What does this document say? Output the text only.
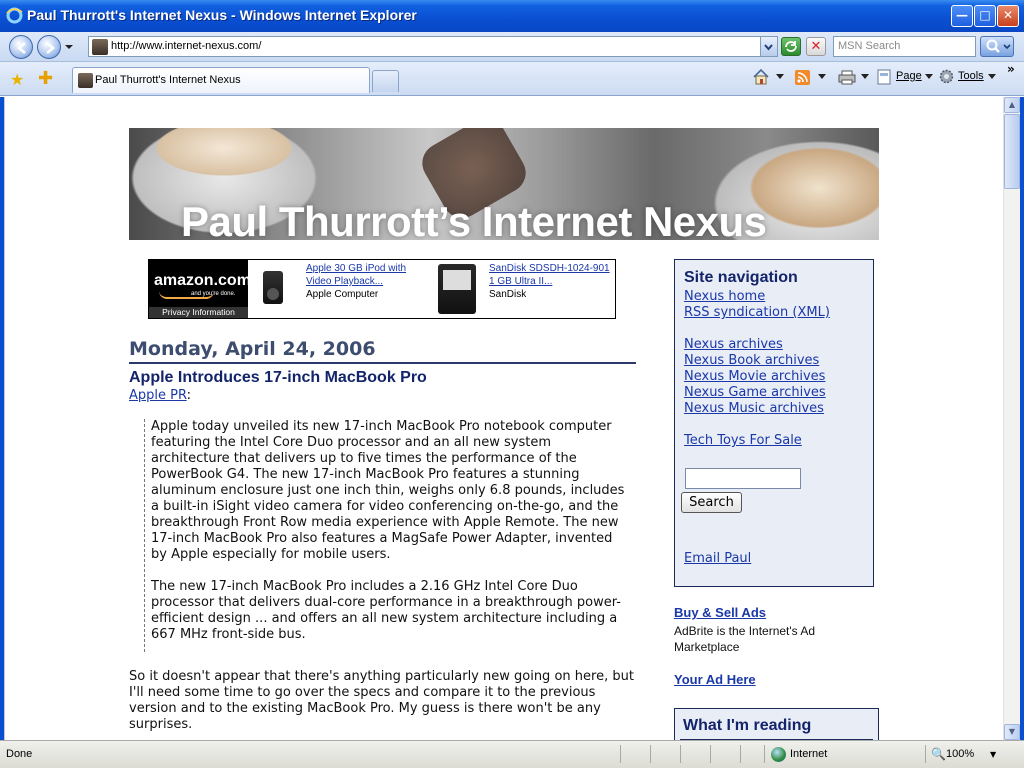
Paul Thurrott's Internet Nexus - Windows Internet Explorer	— □	✕
http://www.internet-nexus.com/	✕	MSN Search
★ ✚	Paul Thurrott's Internet Nexus	Page	Tools »
Paul Thurrott’s Internet Nexus
amazon.com
and you're done.
Privacy Information
Apple 30 GB iPod with
Video Playback...
Apple Computer
SanDisk SDSDH-1024-901
1 GB Ultra II...
SanDisk
Monday, April 24, 2006
Apple Introduces 17-inch MacBook Pro
Apple PR:

Apple today unveiled its new 17-inch MacBook Pro notebook computer featuring the Intel Core Duo processor and an all new system architecture that delivers up to five times the performance of the PowerBook G4. The new 17-inch MacBook Pro features a stunning aluminum enclosure just one inch thin, weighs only 6.8 pounds, includes a built-in iSight video camera for video conferencing on-the-go, and the breakthrough Front Row media experience with Apple Remote. The new 17-inch MacBook Pro also features a MagSafe Power Adapter, invented by Apple especially for mobile users.

The new 17-inch MacBook Pro includes a 2.16 GHz Intel Core Duo processor that delivers dual-core performance in a breakthrough power-efficient design ... and offers an all new system architecture including a 667 MHz front-side bus.

So it doesn't appear that there's anything particularly new going on here, but I'll need some time to go over the specs and compare it to the previous version and to the existing MacBook Pro. My guess is there won't be any surprises.
Site navigation
Nexus home
RSS syndication (XML)
Nexus archives
Nexus Book archives
Nexus Movie archives
Nexus Game archives
Nexus Music archives
Tech Toys For Sale
Search
Email Paul
Buy & Sell Ads
AdBrite is the Internet's Ad Marketplace
Your Ad Here
What I'm reading
▲
▼
Done	Internet	🔍 100% ▼
